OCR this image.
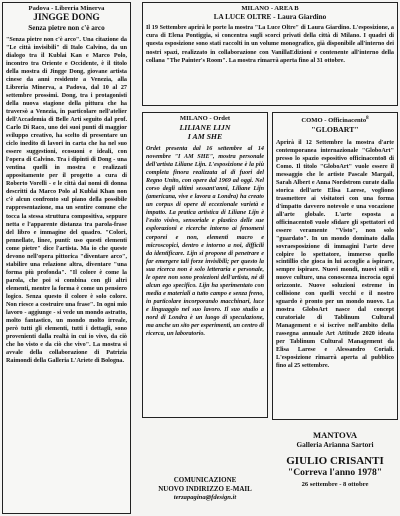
Padova - Libreria Minerva
JINGGE DONG
Senza pietre non c'è arco

"Senza pietre non c'è arco". Una citazione da "Le città invisibili" di Italo Calvino, da un dialogo tra il Kublai Kan e Marco Polo, incontro tra Oriente e Occidente, è il titolo della mostra di Jingge Dong, giovane artista cinese da anni residente a Venezia, alla Libreria Minerva, a Padova, dal 10 al 27 settembre prossimi. Dong, tra i protagonisti della nuova stagione della pittura che ha traversò a Venezia, in particolare nell'atelier dell'Accademia di Belle Arti seguito dal prof. Carlo Di Raco, uno dei suoi punti di maggior sviluppo creativo, ha scelto di presentare un ciclo inedito di lavori in carta che ha nel suo essere suggestioni, ecosuoni e ideali, con l'opera di Calvino. Tra i dipinti di Dong - una ventina quelli in mostra e realizzati appositamente per il progetto a cura di Roberto Vorelli - e le città dai nomi di donna descritti da Marco Polo al Kublai Khan non c'è alcun confronto sul piano della possibile rappresentazione, ma un sentire comune che tocca la stessa struttura compositiva, seppure netta e l'apparente distanza tra parola-frase del libro e immagine del quadro. "Colori, pennellate, linee, punti: uso questi elementi come pietre" dice l'artista. Ma io che queste devono nell'opera pittorica "diventare arco", stabilire una relazione altra, diventare "una forma più profonda". "Il colore è come la parola, che poi si combina con gli altri elementi, mentre la forma è come un pensiero logico. Senza questo il colore è solo colore. Non riesce a costruire una frase". In ogni mio lavoro - aggiunge - si vede un mondo astratto, molto fantastico, un mondo molto irreale, però tutti gli elementi, tutti i dettagli, sono provenienti dalla realtà in cui io vivo, da ciò che ho visto e da ciò che vivo". La mostra si avvale della collaborazione di Patrizia Raimondi della Galleria L'Ariete di Bologna.

MILANO - AREA B
LA LUCE OLTRE - Laura Giardino

Il 19 Settembre aprirà le porte la mostra "La Luce Oltre" di Laura Giardino. L'esposizione, a cura di Elena Pontiggia, si concentra sugli scorci privati della città di Milano. I quadri di questa esposizione sono stati raccolti in un volume monografico, già disponibile all'interno dei nostri spazi, realizzato in collaborazione con VanillaEdizioni e contenente all'interno della collana "The Painter's Room". La mostra rimarrà aperta fino al 31 ottobre.

MILANO - Ordet
LILIANE LIJN
I AM SHE

Ordet presenta dal 16 settembre al 14 novembre "I AM SHE", mostra personale dell'artista Liliane Lijn. L'esposizione è la più completa finora realizzata al di fuori del Regno Unito, con opere dal 1969 ad oggi. Nel corso degli ultimi sessant'anni, Liliane Lijn (americana, vive e lavora a Londra) ha creato un corpus di opere di eccezionale varietà e impatto. La pratica artistica di Liliane Lijn è l'esito visivo, sensoriale e plastico delle sue esplorazioni e ricerche intorno ai fenomeni corporei e non, elementi macro e microscopici, dentro e intorno a noi, difficili da identificare. Lijn si propone di penetrare e far emergere tali forze invisibili; per questo la sua ricerca non è solo letteraria e personale, le opere non sono proiezioni dell'artista, né di alcun ego specifico. Lijn ha sperimentato con media e materiali a tutto campo e senza freno, in particolare incorporando macchinari, luce e linguaggio nel suo lavoro. Il suo studio a nord di Londra è un luogo di speculazione, ma anche un sito per esperimenti, un centro di ricerca, un laboratorio.

COMUNICAZIONE
NUOVO INDIRIZZO E-MAIL
terzapagina@fdesign.it
COMO - Officinacento$^8$
"GLOBART"

Aprirà il 12 Settembre la mostra d'arte contemporanea internazionale "GloboArt" presso lo spazio espositivo officinacento8 di Como. Il titolo "GloboArt" vuole essere il messaggio che le artiste Pascale Margail, Sarah Albert e Anna Nordstrom curate dalla storica dell'arte Elisa Larese, vogliono trasmettere ai visitatori con una forma d'impatto davvero notevole e una vocazione all'arte globale. L'arte esposta a officinacento8 vuole sfidare gli spettatori ed essere veramente "Visto", non solo "guardato". In un mondo dominato dalla sovraesposizione di immagini l'arte deve colpire lo spettatore, immerso quello scintillio che gioca in lui accoglie a ispirare, sempre ispirare. Nuovi mondi, nuovi stili e nuove culture, una conoscenza incrocia ogni orizzonte. Nuove soluzioni estreme in collisione con quelli vecchi e il nostro sguardo è pronto per un mondo nuovo. La mostra GloboArt nasce dal concept curatoriale di Tablinum Cultural Management e si iscrive nell'ambito della rassegna annuale Art Attitude 2020 ideata per Tablinum Cultural Management da Elisa Larese e Alessandro Coriali. L'esposizione rimarrà aperta al pubblico fino al 25 settembre.

MANTOVA
Galleria Arianna Sartori
GIULIO CRISANTI
"Correva l'anno 1978"
26 settembre - 8 ottobre
